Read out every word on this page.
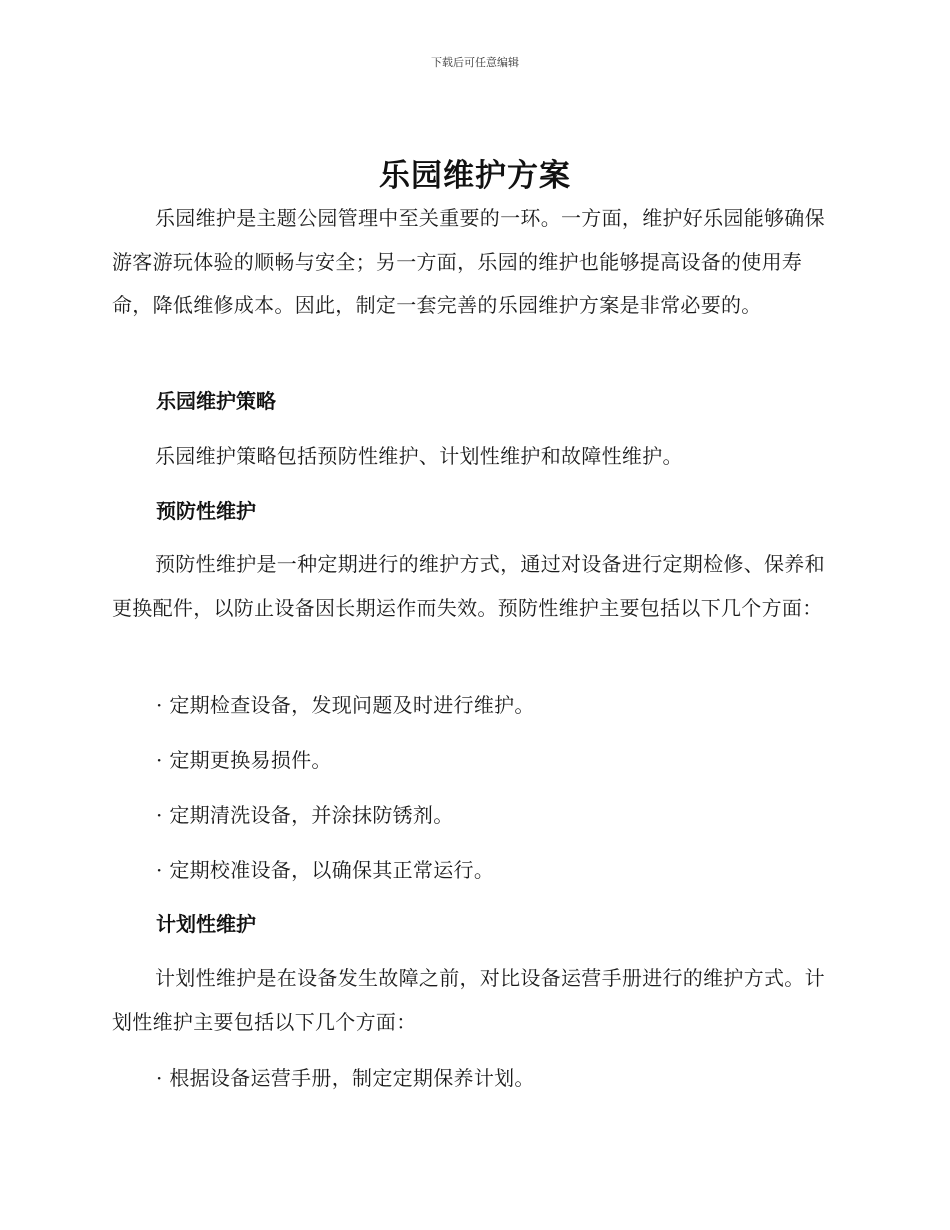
下载后可任意编辑
乐园维护方案

乐园维护是主题公园管理中至关重要的一环。一方面，维护好乐园能够确保游客游玩体验的顺畅与安全；另一方面，乐园的维护也能够提高设备的使用寿命，降低维修成本。因此，制定一套完善的乐园维护方案是非常必要的。

乐园维护策略

乐园维护策略包括预防性维护、计划性维护和故障性维护。

预防性维护

预防性维护是一种定期进行的维护方式，通过对设备进行定期检修、保养和更换配件，以防止设备因长期运作而失效。预防性维护主要包括以下几个方面：

· 定期检查设备，发现问题及时进行维护。

· 定期更换易损件。

· 定期清洗设备，并涂抹防锈剂。

· 定期校准设备，以确保其正常运行。

计划性维护

计划性维护是在设备发生故障之前，对比设备运营手册进行的维护方式。计划性维护主要包括以下几个方面：

· 根据设备运营手册，制定定期保养计划。
